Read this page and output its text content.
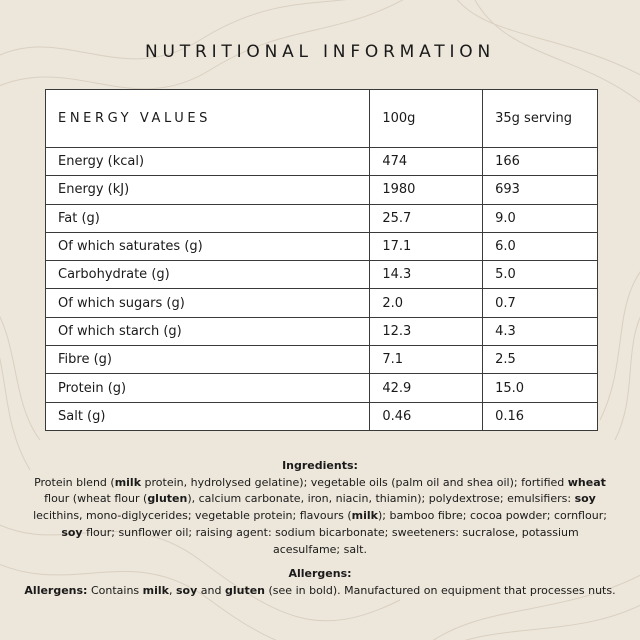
NUTRITIONAL INFORMATION
ENERGY VALUES	100g	35g serving
Energy (kcal)	474	166
Energy (kJ)	1980	693
Fat (g)	25.7	9.0
Of which saturates (g)	17.1	6.0
Carbohydrate (g)	14.3	5.0
Of which sugars (g)	2.0	0.7
Of which starch (g)	12.3	4.3
Fibre (g)	7.1	2.5
Protein (g)	42.9	15.0
Salt (g)	0.46	0.16
Ingredients:
Protein blend (milk protein, hydrolysed gelatine); vegetable oils (palm oil and shea oil); fortified wheat flour (wheat flour (gluten), calcium carbonate, iron, niacin, thiamin); polydextrose; emulsifiers: soy lecithins, mono-diglycerides; vegetable protein; flavours (milk); bamboo fibre; cocoa powder; cornflour; soy flour; sunflower oil; raising agent: sodium bicarbonate; sweeteners: sucralose, potassium acesulfame; salt.
Allergens:
Allergens: Contains milk, soy and gluten (see in bold). Manufactured on equipment that processes nuts.
